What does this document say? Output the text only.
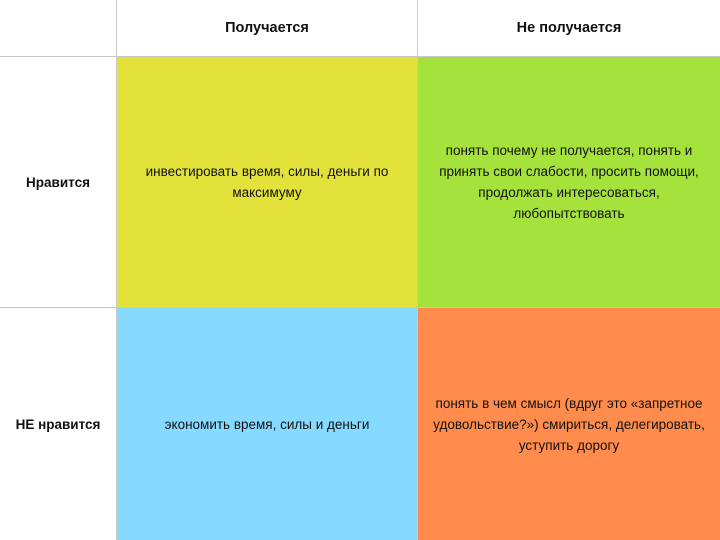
Получается	Не получается
Нравится
инвестировать время, силы, деньги по максимуму
понять почему не получается, понять и принять свои слабости, просить помощи, продолжать интересоваться, любопытствовать
НЕ нравится	экономить время, силы и деньги
понять в чем смысл (вдруг это «запретное удовольствие?») смириться, делегировать, уступить дорогу
